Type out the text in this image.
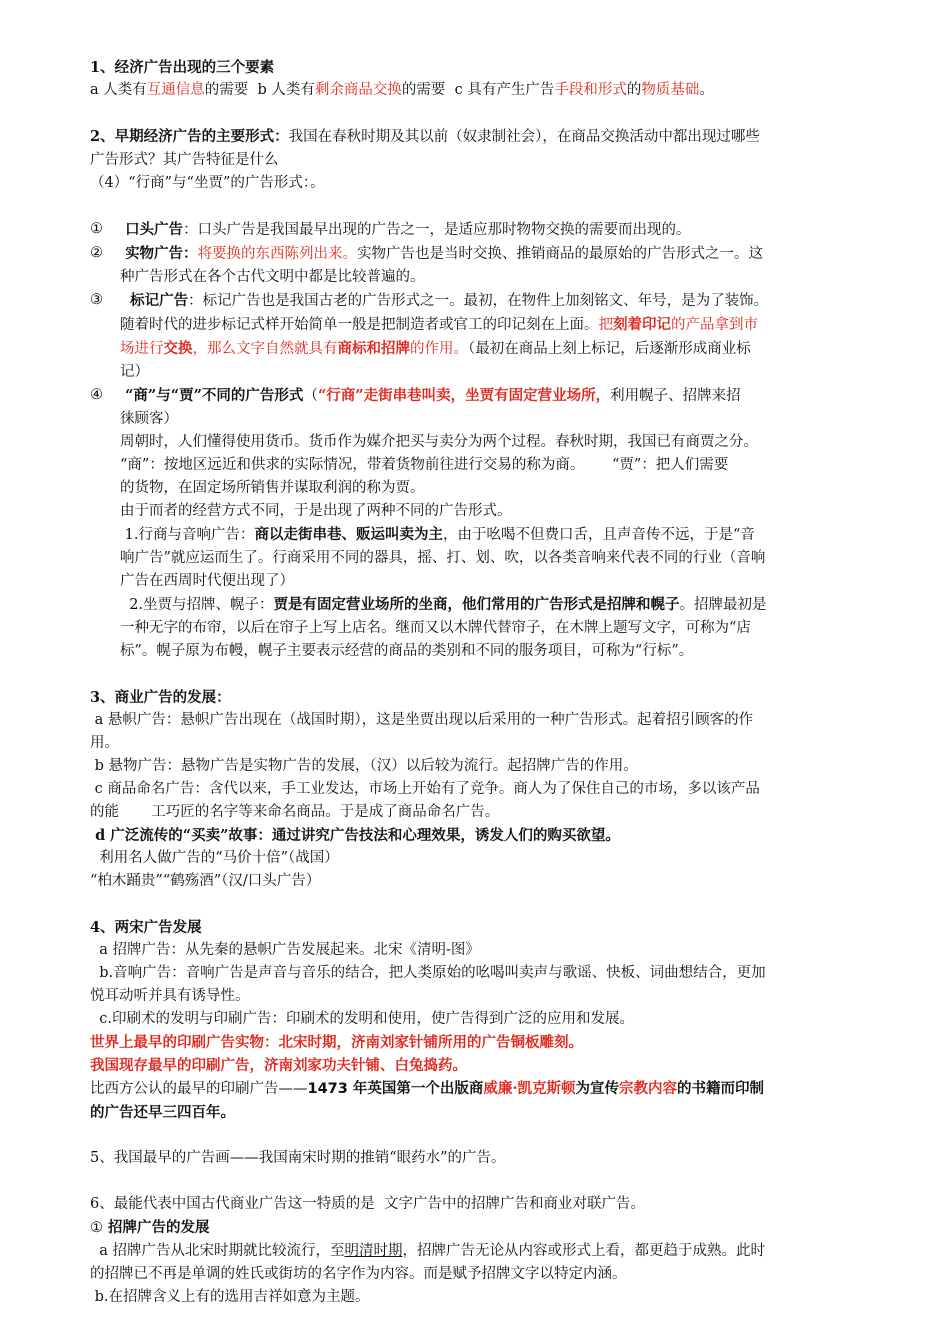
1、经济广告出现的三个要素
a 人类有互通信息的需要  b 人类有剩余商品交换的需要  c 具有产生广告手段和形式的物质基础。
2、早期经济广告的主要形式：我国在春秋时期及其以前（奴隶制社会），在商品交换活动中都出现过哪些
广告形式？其广告特征是什么
（4）“行商”与“坐贾”的广告形式：。
① 口头广告：口头广告是我国最早出现的广告之一，是适应那时物物交换的需要而出现的。
② 实物广告：将要换的东西陈列出来。实物广告也是当时交换、推销商品的最原始的广告形式之一。这
种广告形式在各个古代文明中都是比较普遍的。
③ 标记广告：标记广告也是我国古老的广告形式之一。最初，在物件上加刻铭文、年号，是为了装饰。
随着时代的进步标记式样开始简单一般是把制造者或官工的印记刻在上面。把刻着印记的产品拿到市
场进行交换，那么文字自然就具有商标和招牌的作用。（最初在商品上刻上标记，后逐渐形成商业标
记）
④ “商”与“贾”不同的广告形式（“行商”走街串巷叫卖，坐贾有固定营业场所，利用幌子、招牌来招
徕顾客）
周朝时，人们懂得使用货币。货币作为媒介把买与卖分为两个过程。春秋时期，我国已有商贾之分。
“商”：按地区远近和供求的实际情况，带着货物前往进行交易的称为商。      “贾”：把人们需要
的货物，在固定场所销售并谋取利润的称为贾。
由于而者的经营方式不同，于是出现了两种不同的广告形式。
1.行商与音响广告：商以走街串巷、贩运叫卖为主，由于吆喝不但费口舌，且声音传不远，于是“音
响广告”就应运而生了。行商采用不同的器具，摇、打、划、吹，以各类音响来代表不同的行业（音响
广告在西周时代便出现了）
2.坐贾与招牌、幌子：贾是有固定营业场所的坐商，他们常用的广告形式是招牌和幌子。招牌最初是
一种无字的布帘，以后在帘子上写上店名。继而又以木牌代替帘子，在木牌上题写文字，可称为“店
标”。幌子原为布幔，幌子主要表示经营的商品的类别和不同的服务项目，可称为“行标”。
3、商业广告的发展：
a 悬帜广告：悬帜广告出现在（战国时期），这是坐贾出现以后采用的一种广告形式。起着招引顾客的作
用。
b 悬物广告：悬物广告是实物广告的发展，（汉）以后较为流行。起招牌广告的作用。
c 商品命名广告：含代以来，手工业发达，市场上开始有了竞争。商人为了保住自己的市场，多以该产品
的能       工巧匠的名字等来命名商品。于是成了商品命名广告。
d 广泛流传的“买卖”故事：通过讲究广告技法和心理效果，诱发人们的购买欲望。
利用名人做广告的“马价十倍”（战国）
“柏木踊贵”“鹤殇酒”（汉/口头广告）
4、两宋广告发展
a 招牌广告：从先秦的悬帜广告发展起来。北宋《清明-图》
b.音响广告：音响广告是声音与音乐的结合，把人类原始的吆喝叫卖声与歌谣、快板、词曲想结合，更加
悦耳动听并具有诱导性。
c.印刷术的发明与印刷广告：印刷术的发明和使用，使广告得到广泛的应用和发展。
世界上最早的印刷广告实物：北宋时期，济南刘家针铺所用的广告铜板雕刻。
我国现存最早的印刷广告，济南刘家功夫针铺、白兔捣药。
比西方公认的最早的印刷广告——1473 年英国第一个出版商威廉·凯克斯顿为宣传宗教内容的书籍而印制
的广告还早三四百年。
5、我国最早的广告画——我国南宋时期的推销“眼药水”的广告。
6、最能代表中国古代商业广告这一特质的是  文字广告中的招牌广告和商业对联广告。
① 招牌广告的发展
a 招牌广告从北宋时期就比较流行，至明清时期，招牌广告无论从内容或形式上看，都更趋于成熟。此时
的招牌已不再是单调的姓氏或街坊的名字作为内容。而是赋予招牌文字以特定内涵。
b.在招牌含义上有的选用吉祥如意为主题。
